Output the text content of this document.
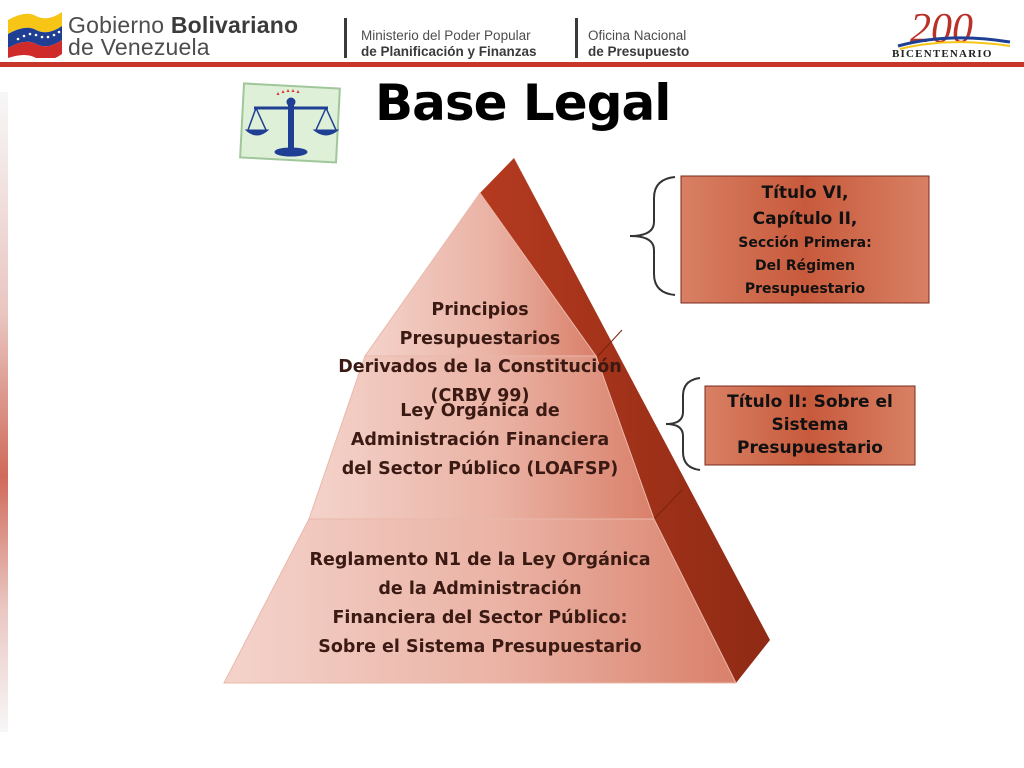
Gobierno Bolivariano
de Venezuela	Ministerio del Poder Popular
de Planificación y Finanzas
Oficina Nacional
de Presupuesto	200
BICENTENARIO
Base Legal
Principios
Presupuestarios
Derivados de la Constitución
(CRBV 99)
Ley Orgánica de
Administración Financiera
del Sector Público (LOAFSP)
Reglamento N1 de la Ley Orgánica
de la Administración
Financiera del Sector Público:
Sobre el Sistema Presupuestario
Título VI,
Capítulo II,
Sección Primera:
Del Régimen
Presupuestario
Título II: Sobre el
Sistema
Presupuestario
